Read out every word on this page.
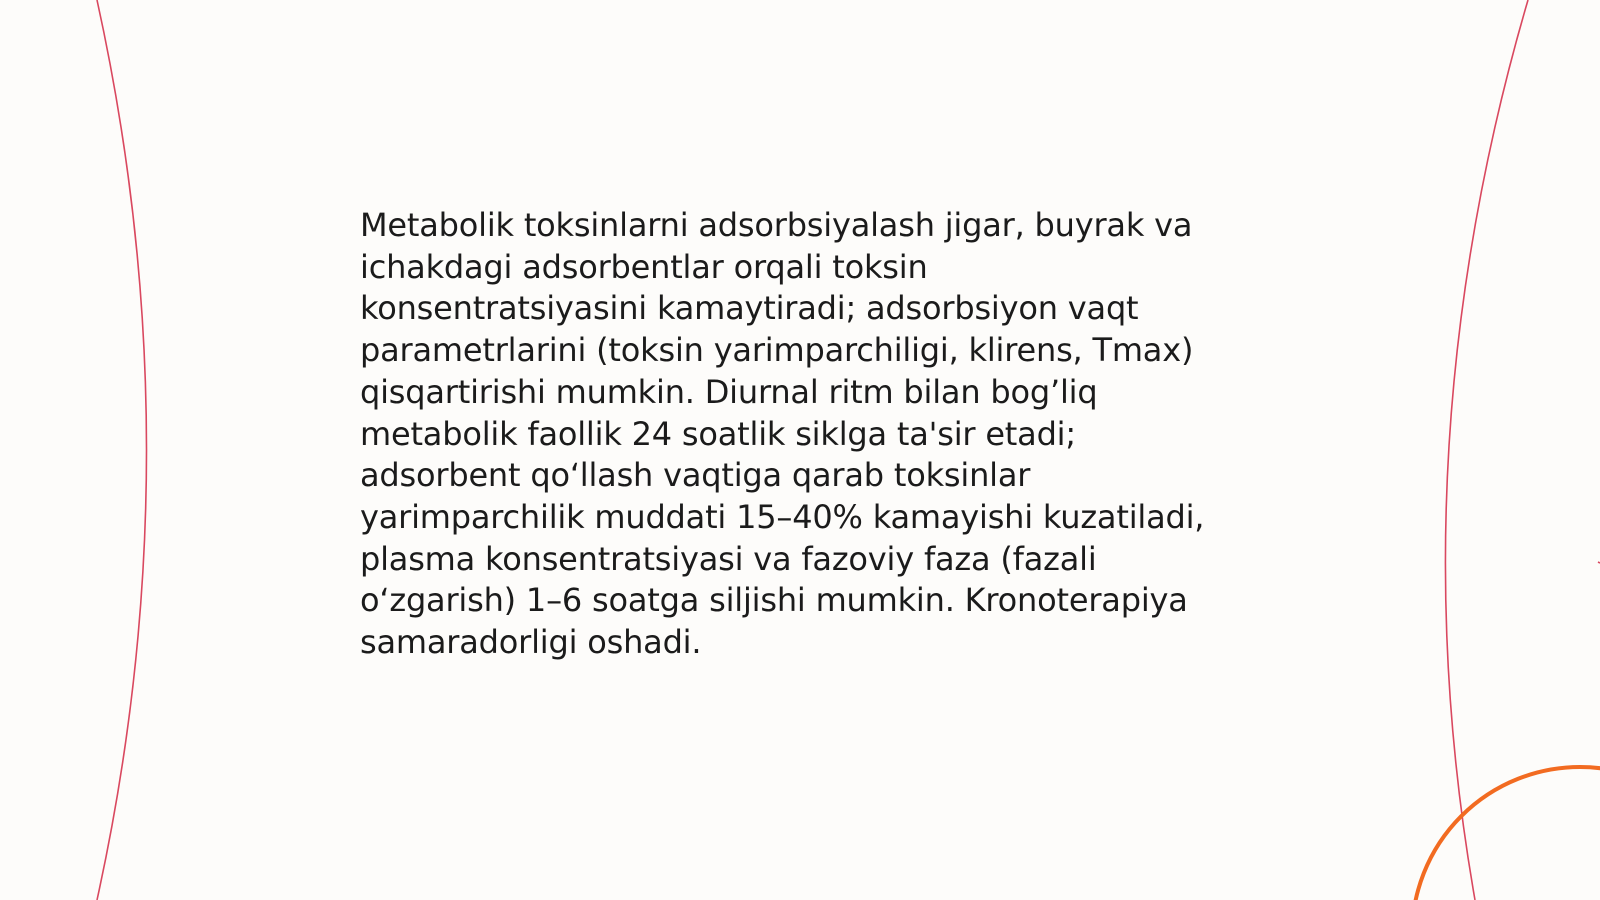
Metabolik toksinlarni adsorbsiyalash jigar, buyrak va
ichakdagi adsorbentlar orqali toksin
konsentratsiyasini kamaytiradi; adsorbsiyon vaqt
parametrlarini (toksin yarimparchiligi, klirens, Tmax)
qisqartirishi mumkin. Diurnal ritm bilan bog’liq
metabolik faollik 24 soatlik siklga ta'sir etadi;
adsorbent qo‘llash vaqtiga qarab toksinlar
yarimparchilik muddati 15–40% kamayishi kuzatiladi,
plasma konsentratsiyasi va fazoviy faza (fazali
o‘zgarish) 1–6 soatga siljishi mumkin. Kronoterapiya
samaradorligi oshadi.
